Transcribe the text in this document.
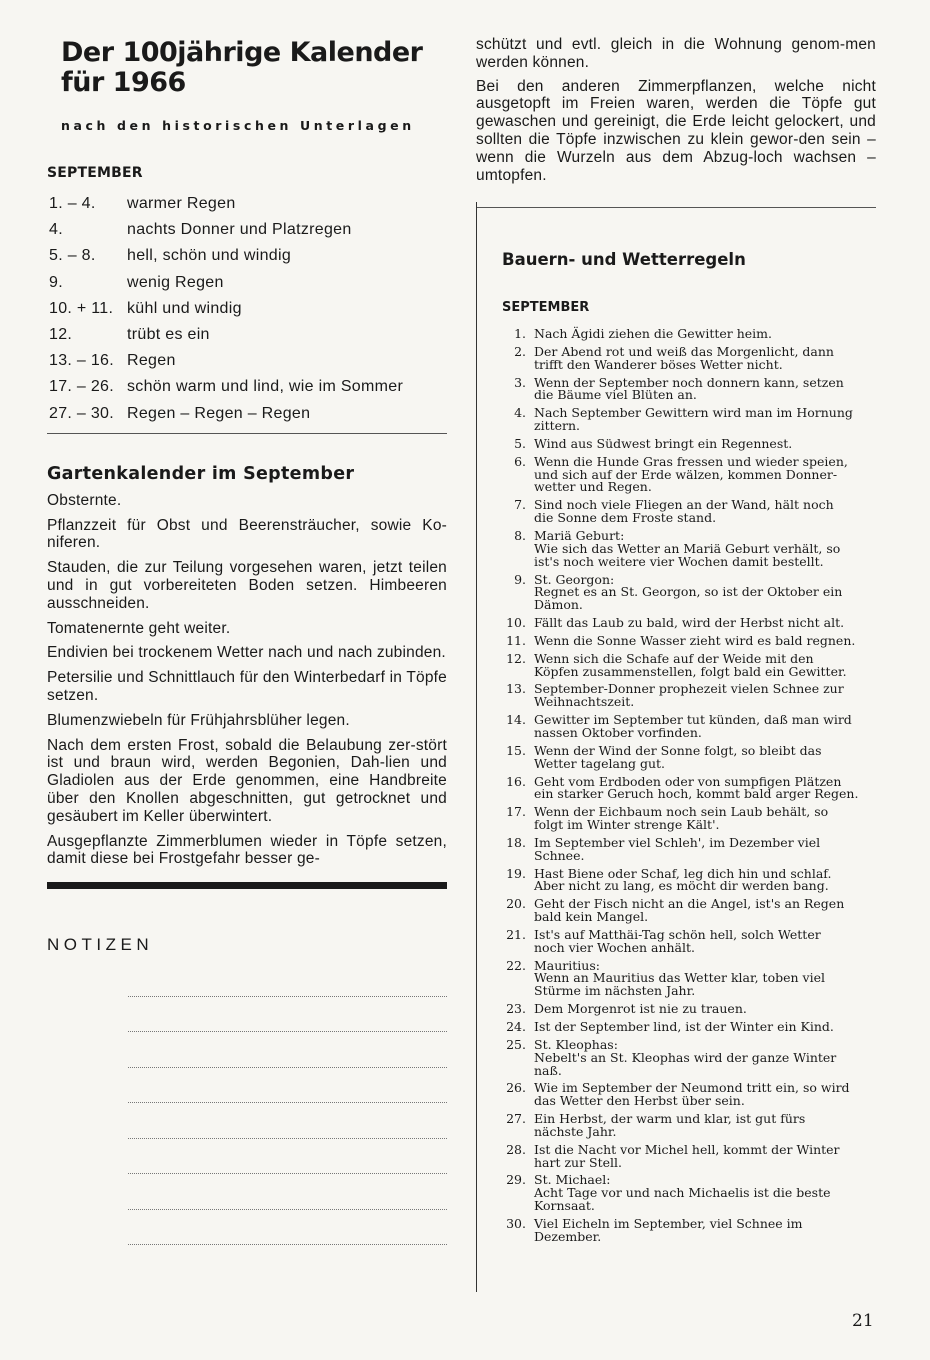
Der 100jährige Kalender für 1966
nach den historischen Unterlagen
SEPTEMBER
1. – 4.	warmer Regen
4.	nachts Donner und Platzregen
5. – 8.	hell, schön und windig
9.	wenig Regen
10. + 11. kühl und windig
12.	trübt es ein
13. – 16. Regen
17. – 26. schön warm und lind, wie im Sommer
27. – 30. Regen – Regen – Regen
Gartenkalender im September

Obsternte.

Pflanzzeit für Obst und Beerensträucher, sowie Ko-niferen.

Stauden, die zur Teilung vorgesehen waren, jetzt teilen und in gut vorbereiteten Boden setzen. Himbeeren ausschneiden.

Tomatenernte geht weiter.

Endivien bei trockenem Wetter nach und nach zubinden.

Petersilie und Schnittlauch für den Winterbedarf in Töpfe setzen.

Blumenzwiebeln für Frühjahrsblüher legen.

Nach dem ersten Frost, sobald die Belaubung zer-stört ist und braun wird, werden Begonien, Dah-lien und Gladiolen aus der Erde genommen, eine Handbreite über den Knollen abgeschnitten, gut getrocknet und gesäubert im Keller überwintert.

Ausgepflanzte Zimmerblumen wieder in Töpfe setzen, damit diese bei Frostgefahr besser ge-

NOTIZEN

schützt und evtl. gleich in die Wohnung genom-men werden können.

Bei den anderen Zimmerpflanzen, welche nicht ausgetopft im Freien waren, werden die Töpfe gut gewaschen und gereinigt, die Erde leicht gelockert, und sollten die Töpfe inzwischen zu klein gewor-den sein – wenn die Wurzeln aus dem Abzug-loch wachsen – umtopfen.

Bauern- und Wetterregeln
SEPTEMBER
1. Nach Ägidi ziehen die Gewitter heim.
2. Der Abend rot und weiß das Morgenlicht, dann
trifft den Wanderer böses Wetter nicht.
3. Wenn der September noch donnern kann, setzen
die Bäume viel Blüten an.
4. Nach September Gewittern wird man im Hornung
zittern.
5. Wind aus Südwest bringt ein Regennest.
6. Wenn die Hunde Gras fressen und wieder speien,
und sich auf der Erde wälzen, kommen Donner-
wetter und Regen.
7. Sind noch viele Fliegen an der Wand, hält noch
die Sonne dem Froste stand.
8. Mariä Geburt:
Wie sich das Wetter an Mariä Geburt verhält, so
ist's noch weitere vier Wochen damit bestellt.
9. St. Georgon:
Regnet es an St. Georgon, so ist der Oktober ein
Dämon.
10. Fällt das Laub zu bald, wird der Herbst nicht alt.
11. Wenn die Sonne Wasser zieht wird es bald regnen.
12. Wenn sich die Schafe auf der Weide mit den
Köpfen zusammenstellen, folgt bald ein Gewitter.
13. September-Donner prophezeit vielen Schnee zur
Weihnachtszeit.
14. Gewitter im September tut künden, daß man wird
nassen Oktober vorfinden.
15. Wenn der Wind der Sonne folgt, so bleibt das
Wetter tagelang gut.
16. Geht vom Erdboden oder von sumpfigen Plätzen
ein starker Geruch hoch, kommt bald arger Regen.
17. Wenn der Eichbaum noch sein Laub behält, so
folgt im Winter strenge Kält'.
18. Im September viel Schleh', im Dezember viel
Schnee.
19. Hast Biene oder Schaf, leg dich hin und schlaf.
Aber nicht zu lang, es möcht dir werden bang.
20. Geht der Fisch nicht an die Angel, ist's an Regen
bald kein Mangel.
21. Ist's auf Matthäi-Tag schön hell, solch Wetter
noch vier Wochen anhält.
22. Mauritius:
Wenn an Mauritius das Wetter klar, toben viel
Stürme im nächsten Jahr.
23. Dem Morgenrot ist nie zu trauen.
24. Ist der September lind, ist der Winter ein Kind.
25. St. Kleophas:
Nebelt's an St. Kleophas wird der ganze Winter
naß.
26. Wie im September der Neumond tritt ein, so wird
das Wetter den Herbst über sein.
27. Ein Herbst, der warm und klar, ist gut fürs
nächste Jahr.
28. Ist die Nacht vor Michel hell, kommt der Winter
hart zur Stell.
29. St. Michael:
Acht Tage vor und nach Michaelis ist die beste
Kornsaat.
30. Viel Eicheln im September, viel Schnee im
Dezember.
21
